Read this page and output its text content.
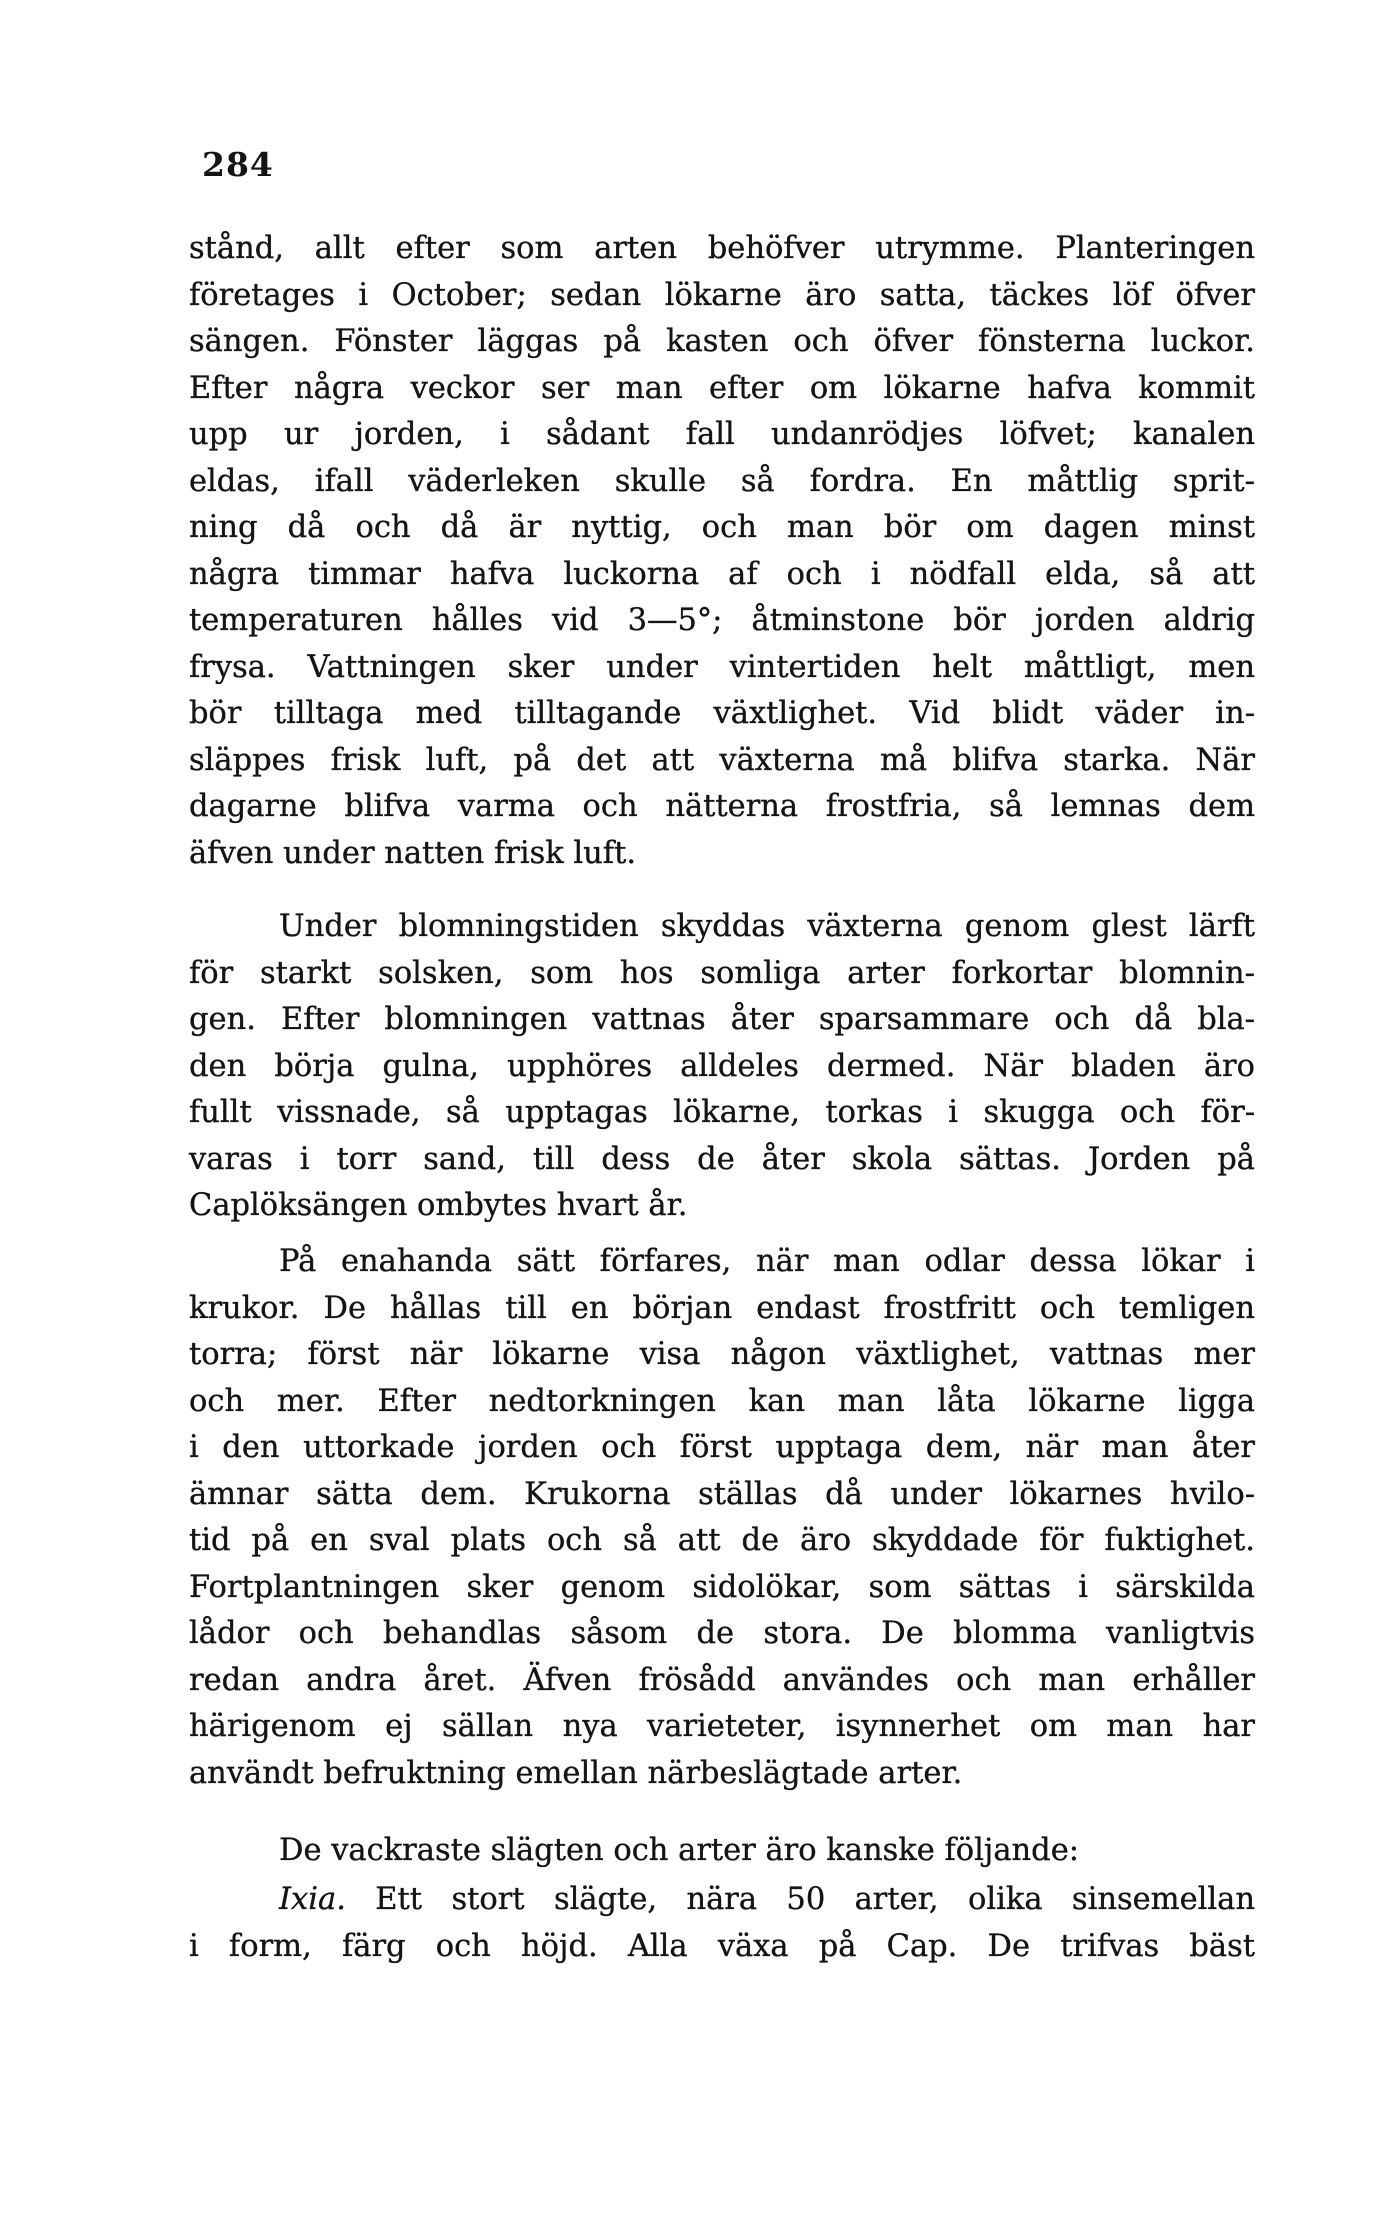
284
stånd, allt efter som arten behöfver utrymme. Planteringen
företages i October; sedan lökarne äro satta, täckes löf öfver
sängen. Fönster läggas på kasten och öfver fönsterna luckor.
Efter några veckor ser man efter om lökarne hafva kommit
upp ur jorden, i sådant fall undanrödjes löfvet; kanalen
eldas, ifall väderleken skulle så fordra. En måttlig sprit-
ning då och då är nyttig, och man bör om dagen minst
några timmar hafva luckorna af och i nödfall elda, så att
temperaturen hålles vid 3—5°; åtminstone bör jorden aldrig
frysa. Vattningen sker under vintertiden helt måttligt, men
bör tilltaga med tilltagande växtlighet. Vid blidt väder in-
släppes frisk luft, på det att växterna må blifva starka. När
dagarne blifva varma och nätterna frostfria, så lemnas dem
äfven under natten frisk luft.
Under blomningstiden skyddas växterna genom glest lärft
för starkt solsken, som hos somliga arter forkortar blomnin-
gen. Efter blomningen vattnas åter sparsammare och då bla-
den börja gulna, upphöres alldeles dermed. När bladen äro
fullt vissnade, så upptagas lökarne, torkas i skugga och för-
varas i torr sand, till dess de åter skola sättas. Jorden på
Caplöksängen ombytes hvart år.
På enahanda sätt förfares, när man odlar dessa lökar i
krukor. De hållas till en början endast frostfritt och temligen
torra; först när lökarne visa någon växtlighet, vattnas mer
och mer. Efter nedtorkningen kan man låta lökarne ligga
i den uttorkade jorden och först upptaga dem, när man åter
ämnar sätta dem. Krukorna ställas då under lökarnes hvilo-
tid på en sval plats och så att de äro skyddade för fuktighet.
Fortplantningen sker genom sidolökar, som sättas i särskilda
lådor och behandlas såsom de stora. De blomma vanligtvis
redan andra året. Äfven frösådd användes och man erhåller
härigenom ej sällan nya varieteter, isynnerhet om man har
användt befruktning emellan närbeslägtade arter.
De vackraste slägten och arter äro kanske följande:
Ixia. Ett stort slägte, nära 50 arter, olika sinsemellan
i form, färg och höjd. Alla växa på Cap. De trifvas bäst
